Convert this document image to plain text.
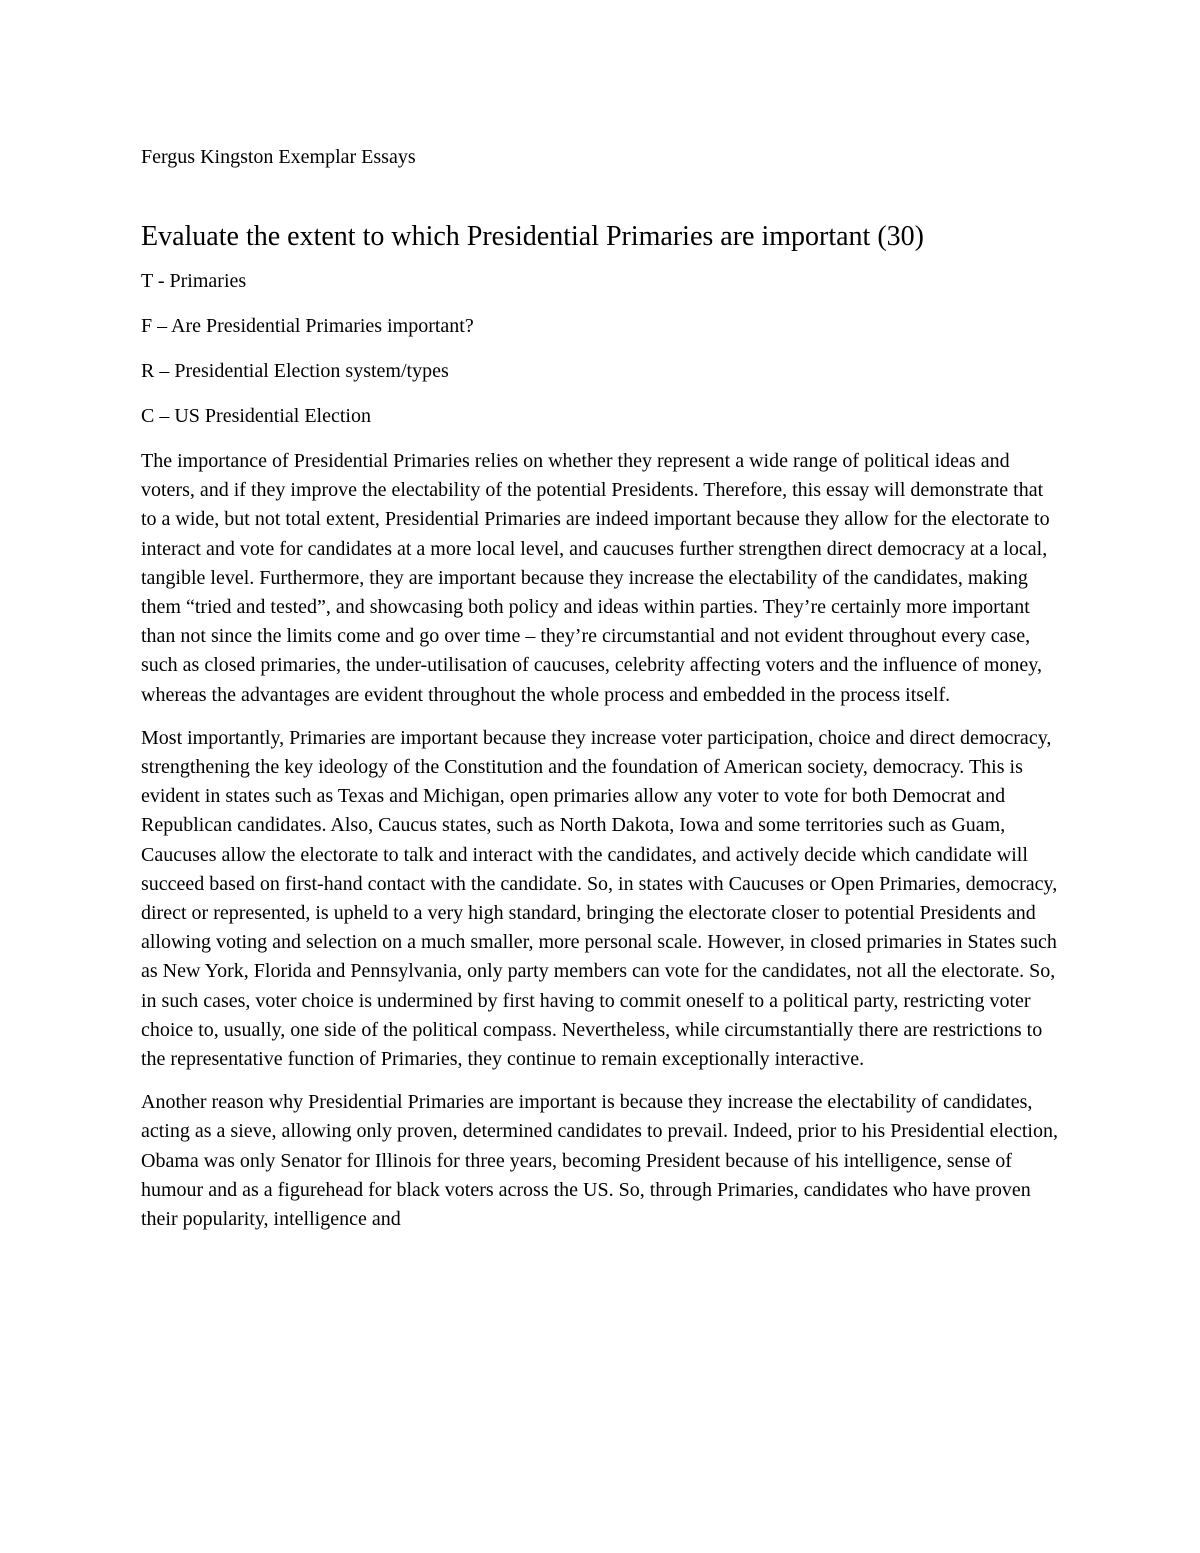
Fergus Kingston Exemplar Essays

Evaluate the extent to which Presidential Primaries are important (30)

T - Primaries

F – Are Presidential Primaries important?

R – Presidential Election system/types

C – US Presidential Election

The importance of Presidential Primaries relies on whether they represent a wide range of political ideas and voters, and if they improve the electability of the potential Presidents. Therefore, this essay will demonstrate that to a wide, but not total extent, Presidential Primaries are indeed important because they allow for the electorate to interact and vote for candidates at a more local level, and caucuses further strengthen direct democracy at a local, tangible level. Furthermore, they are important because they increase the electability of the candidates, making them “tried and tested”, and showcasing both policy and ideas within parties. They’re certainly more important than not since the limits come and go over time – they’re circumstantial and not evident throughout every case, such as closed primaries, the under-utilisation of caucuses, celebrity affecting voters and the influence of money, whereas the advantages are evident throughout the whole process and embedded in the process itself.

Most importantly, Primaries are important because they increase voter participation, choice and direct democracy, strengthening the key ideology of the Constitution and the foundation of American society, democracy. This is evident in states such as Texas and Michigan, open primaries allow any voter to vote for both Democrat and Republican candidates. Also, Caucus states, such as North Dakota, Iowa and some territories such as Guam, Caucuses allow the electorate to talk and interact with the candidates, and actively decide which candidate will succeed based on first-hand contact with the candidate. So, in states with Caucuses or Open Primaries, democracy, direct or represented, is upheld to a very high standard, bringing the electorate closer to potential Presidents and allowing voting and selection on a much smaller, more personal scale. However, in closed primaries in States such as New York, Florida and Pennsylvania, only party members can vote for the candidates, not all the electorate. So, in such cases, voter choice is undermined by first having to commit oneself to a political party, restricting voter choice to, usually, one side of the political compass. Nevertheless, while circumstantially there are restrictions to the representative function of Primaries, they continue to remain exceptionally interactive.

Another reason why Presidential Primaries are important is because they increase the electability of candidates, acting as a sieve, allowing only proven, determined candidates to prevail. Indeed, prior to his Presidential election, Obama was only Senator for Illinois for three years, becoming President because of his intelligence, sense of humour and as a figurehead for black voters across the US. So, through Primaries, candidates who have proven their popularity, intelligence and
